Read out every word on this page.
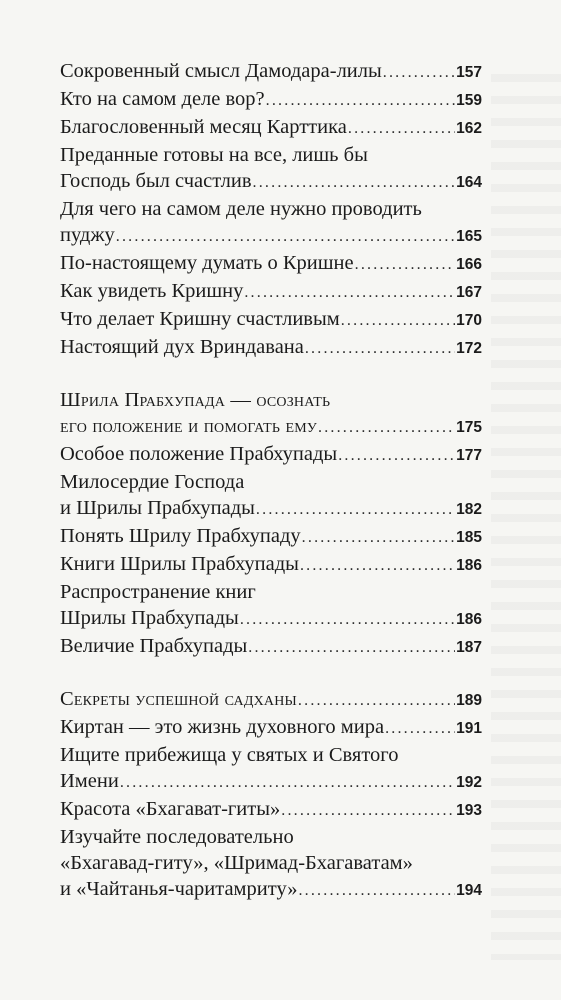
Сокровенный смысл Дамодара-лилы .....	157
Кто на самом деле вор? .....	159
Благословенный месяц Карттика .....	162
Преданные готовы на все, лишь бы
Господь был счастлив .....	164
Для чего на самом деле нужно проводить
пуджу .....	165
По-настоящему думать о Кришне .....	166
Как увидеть Кришну .....	167
Что делает Кришну счастливым .....	170
Настоящий дух Вриндавана .....	172
Шрила Прабхупада — осознать
его положение и помогать ему .....	175
Особое положение Прабхупады .....	177
Милосердие Господа
и Шрилы Прабхупады .....	182
Понять Шрилу Прабхупаду .....	185
Книги Шрилы Прабхупады .....	186
Распространение книг
Шрилы Прабхупады .....	186
Величие Прабхупады .....	187
Секреты успешной садханы .....	189
Киртан — это жизнь духовного мира .....	191
Ищите прибежища у святых и Святого
Имени .....	192
Красота «Бхагават-гиты» .....	193
Изучайте последовательно
«Бхагавад-гиту», «Шримад-Бхагаватам»
и «Чайтанья-чаритамриту» .....	194
